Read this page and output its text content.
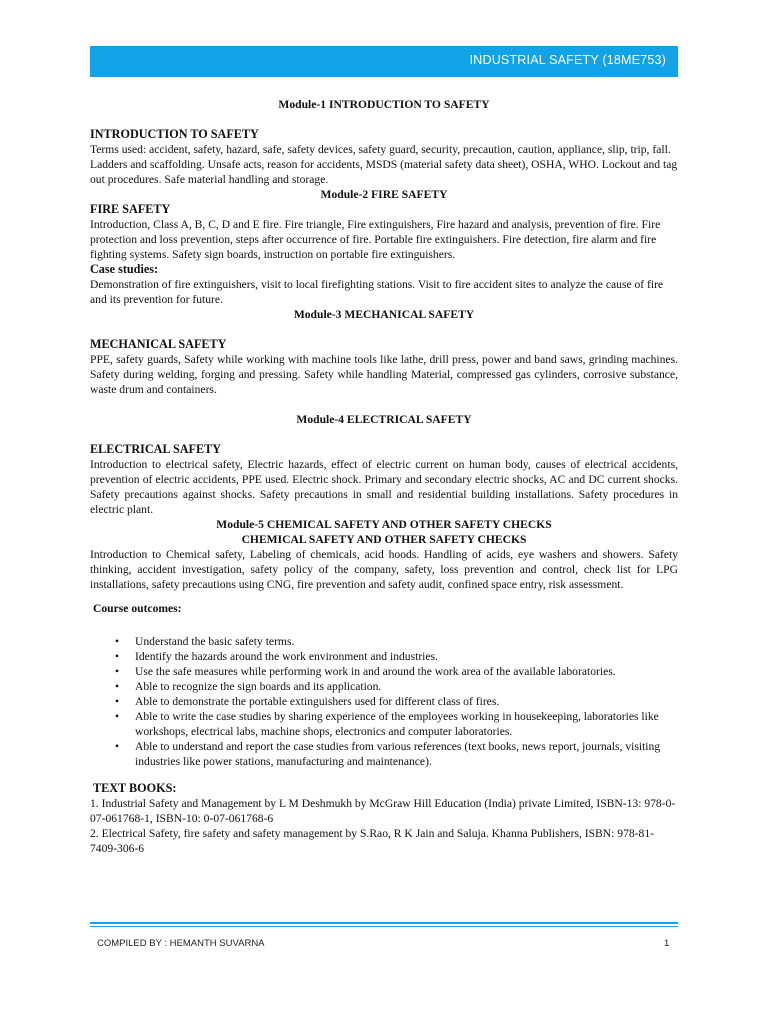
INDUSTRIAL SAFETY (18ME753)
Module-1 INTRODUCTION TO SAFETY
INTRODUCTION TO SAFETY
Terms used: accident, safety, hazard, safe, safety devices, safety guard, security, precaution, caution, appliance, slip, trip, fall. Ladders and scaffolding. Unsafe acts, reason for accidents, MSDS (material safety data sheet), OSHA, WHO. Lockout and tag out procedures. Safe material handling and storage.
Module-2 FIRE SAFETY
FIRE SAFETY
Introduction, Class A, B, C, D and E fire. Fire triangle, Fire extinguishers, Fire hazard and analysis, prevention of fire. Fire protection and loss prevention, steps after occurrence of fire. Portable fire extinguishers. Fire detection, fire alarm and fire fighting systems. Safety sign boards, instruction on portable fire extinguishers.
Case studies:
Demonstration of fire extinguishers, visit to local firefighting stations. Visit to fire accident sites to analyze the cause of fire and its prevention for future.
Module-3 MECHANICAL SAFETY
MECHANICAL SAFETY
PPE, safety guards, Safety while working with machine tools like lathe, drill press, power and band saws, grinding machines. Safety during welding, forging and pressing. Safety while handling Material, compressed gas cylinders, corrosive substance, waste drum and containers.
Module-4 ELECTRICAL SAFETY
ELECTRICAL SAFETY
Introduction to electrical safety, Electric hazards, effect of electric current on human body, causes of electrical accidents, prevention of electric accidents, PPE used. Electric shock. Primary and secondary electric shocks, AC and DC current shocks. Safety precautions against shocks. Safety precautions in small and residential building installations. Safety procedures in electric plant.
Module-5 CHEMICAL SAFETY AND OTHER SAFETY CHECKS
CHEMICAL SAFETY AND OTHER SAFETY CHECKS
Introduction to Chemical safety, Labeling of chemicals, acid hoods. Handling of acids, eye washers and showers. Safety thinking, accident investigation, safety policy of the company, safety, loss prevention and control, check list for LPG installations, safety precautions using CNG, fire prevention and safety audit, confined space entry, risk assessment.
Course outcomes:
• Understand the basic safety terms.
• Identify the hazards around the work environment and industries.
• Use the safe measures while performing work in and around the work area of the available laboratories.
• Able to recognize the sign boards and its application.
• Able to demonstrate the portable extinguishers used for different class of fires.
• Able to write the case studies by sharing experience of the employees working in housekeeping, laboratories like workshops, electrical labs, machine shops, electronics and computer laboratories.
• Able to understand and report the case studies from various references (text books, news report, journals, visiting industries like power stations, manufacturing and maintenance).
TEXT BOOKS:
1. Industrial Safety and Management by L M Deshmukh by McGraw Hill Education (India) private Limited, ISBN-13: 978-0-07-061768-1, ISBN-10: 0-07-061768-6
2. Electrical Safety, fire safety and safety management by S.Rao, R K Jain and Saluja. Khanna Publishers, ISBN: 978-81-7409-306-6
COMPILED BY : HEMANTH SUVARNA	1
